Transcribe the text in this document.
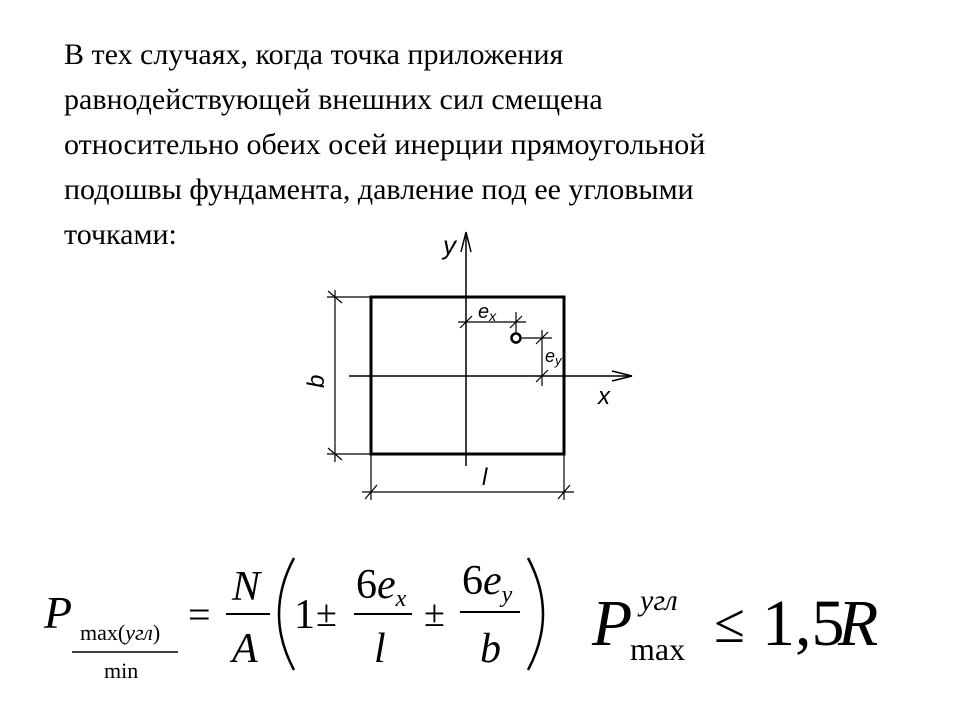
В тех случаях, когда точка приложения
равнодействующей внешних сил смещена
относительно обеих осей инерции прямоугольной
подошвы фундамента, давление под ее угловыми
точками:	y
x
ex
ey
b
l
P max(угл)
min
=
N
A
1 ±
6ex
l
±
6ey
b P угл
max ≤ 1,5
R
